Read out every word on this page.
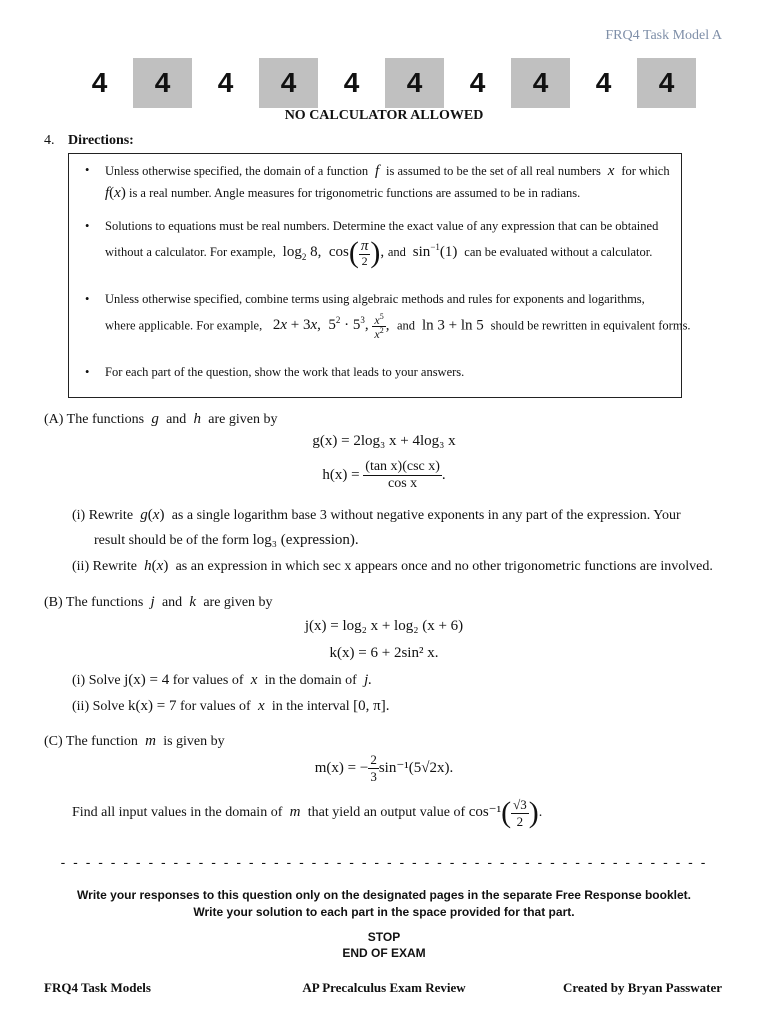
FRQ4 Task Model A
4	4	4	4	4	4	4	4	4	4
NO CALCULATOR ALLOWED
4. Directions:
• Unless otherwise specified, the domain of a function  f  is assumed to be the set of all real numbers  x  for which
f(x) is a real number. Angle measures for trigonometric functions are assumed to be in radians.
• Solutions to equations must be real numbers. Determine the exact value of any expression that can be obtained
without a calculator. For example,  $\log_2 8$,  $\cos( \frac{\pi}{2}$ ), and  $\sin^{-1}(1)$  can be evaluated without a calculator.
• Unless otherwise specified, combine terms using algebraic methods and rules for exponents and logarithms,
where applicable. For example,   2x + 3x,  $5^2 \cdot 5^3$, $\frac{x^5}{x^2}$ ,  and  ln 3 + ln 5  should be rewritten in equivalent forms.
• For each part of the question, show the work that leads to your answers.
(A) The functions  g  and  h  are given by
g(x) = 2log₃ x + 4log₃ x
$h(x) = \frac{\text{(tan x)(csc x)}}{\text{cos x}}$ .
(i) Rewrite g(x)  as a single logarithm base 3 without negative exponents in any part of the expression. Your
result should be of the form log₃ (expression).
(ii) Rewrite h(x)  as an expression in which sec x appears once and no other trigonometric functions are involved.
(B) The functions  j  and  k  are given by
j(x) = log₂ x + log₂ (x + 6)
k(x) = 6 + 2sin² x.
(i) Solve j(x) = 4 for values of  x  in the domain of  j.
(ii) Solve k(x) = 7 for values of  x  in the interval [0, π].
(C) The function  m  is given by
m(x) = − $\frac{2}{3} \sin^{-1}(5√2x)$.
Find all input values in the domain of  m  that yield an output value of $\cos^{-1}( \frac{√3}{2}$ ).
- - - - - - - - - - - - - - - - - - - - - - - - - - - - - - - - - - - - - - - - - - - - - - - - - - - -
Write your responses to this question only on the designated pages in the separate Free Response booklet.
Write your solution to each part in the space provided for that part.
STOP
END OF EXAM
FRQ4 Task Models	AP Precalculus Exam Review	Created by Bryan Passwater
